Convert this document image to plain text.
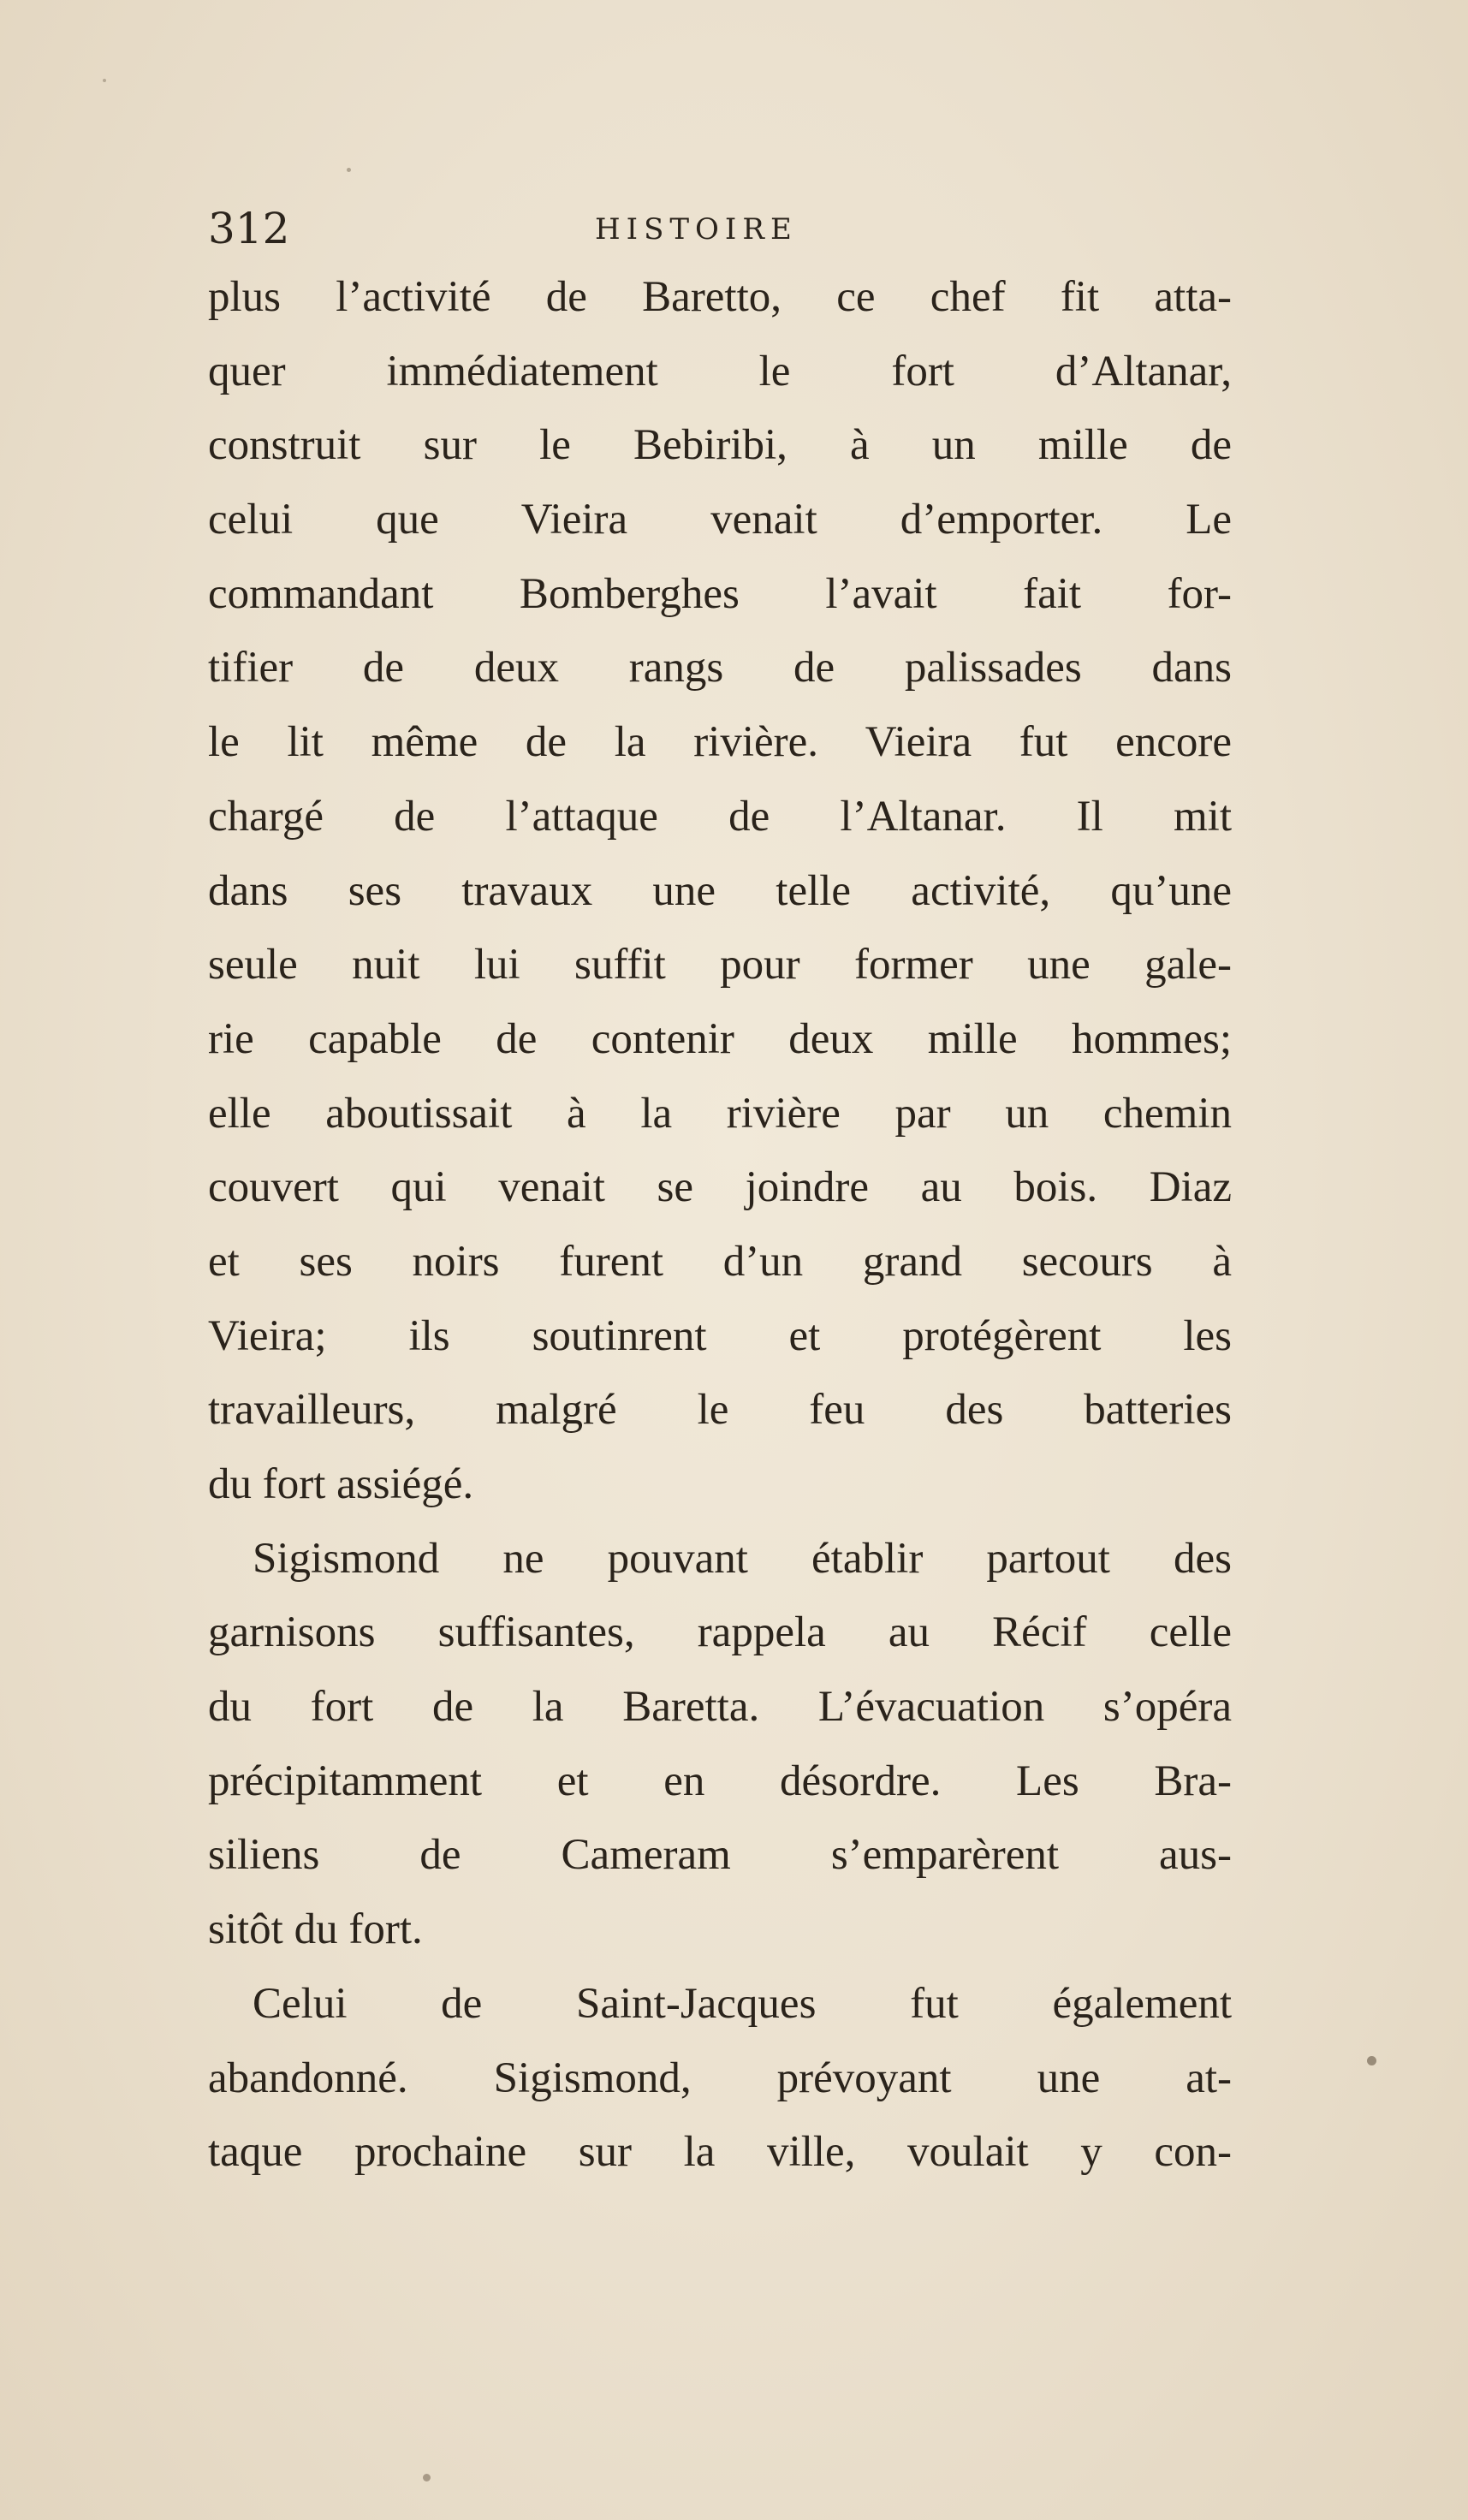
312	HISTOIRE
plus l’activité de Baretto, ce chef fit atta-
quer immédiatement le fort d’Altanar,
construit sur le Bebiribi, à un mille de
celui que Vieira venait d’emporter. Le
commandant Bomberghes l’avait fait for-
tifier de deux rangs de palissades dans
le lit même de la rivière. Vieira fut encore
chargé de l’attaque de l’Altanar. Il mit
dans ses travaux une telle activité, qu’une
seule nuit lui suffit pour former une gale-
rie capable de contenir deux mille hommes;
elle aboutissait à la rivière par un chemin
couvert qui venait se joindre au bois. Diaz
et ses noirs furent d’un grand secours à
Vieira; ils soutinrent et protégèrent les
travailleurs, malgré le feu des batteries
du fort assiégé.
Sigismond ne pouvant établir partout des
garnisons suffisantes, rappela au Récif celle
du fort de la Baretta. L’évacuation s’opéra
précipitamment et en désordre. Les Bra-
siliens de Cameram s’emparèrent aus-
sitôt du fort.
Celui de Saint-Jacques fut également
abandonné. Sigismond, prévoyant une at-
taque prochaine sur la ville, voulait y con-
